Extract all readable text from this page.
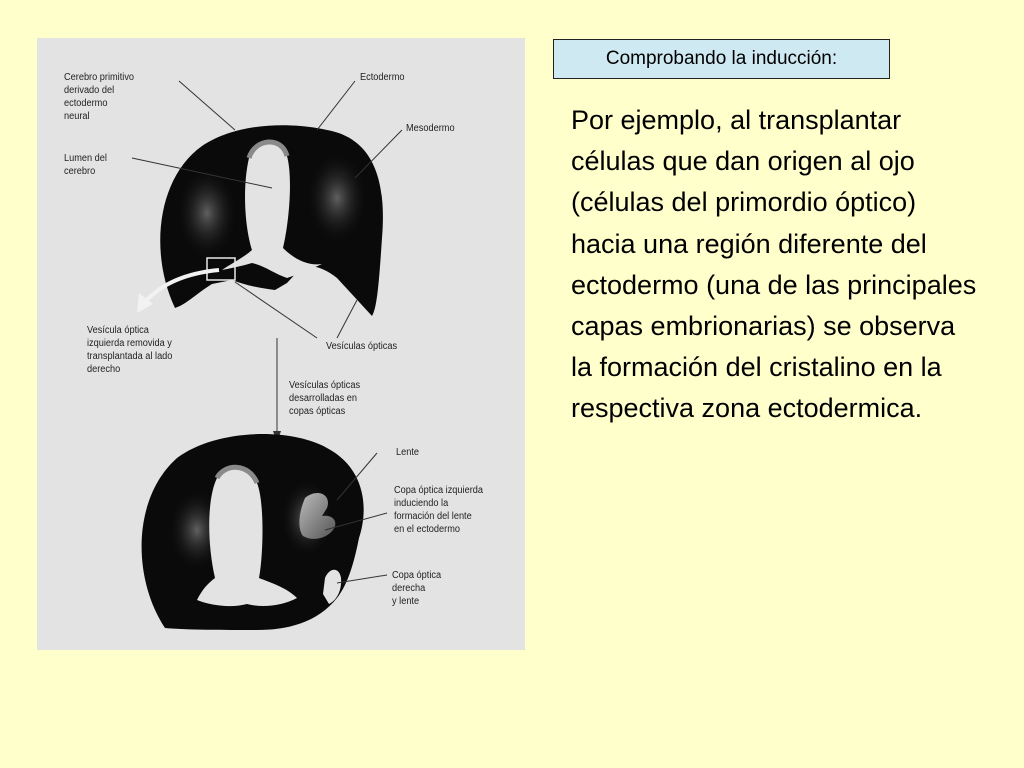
Cerebro primitivo
derivado del
ectodermo
neural
Ectodermo
Mesodermo
Lumen del
cerebro
Vesícula óptica
izquierda removida y
transplantada al lado
derecho
Vesículas ópticas
Vesículas ópticas
desarrolladas en
copas ópticas
Lente
Copa óptica izquierda
induciendo la
formación del lente
en el ectodermo
Copa óptica
derecha
y lente
Comprobando la inducción:
Por ejemplo, al transplantar células que dan origen al ojo (células del primordio óptico) hacia una región diferente del ectodermo (una de las principales capas embrionarias) se observa la formación del cristalino en la respectiva zona ectodermica.
